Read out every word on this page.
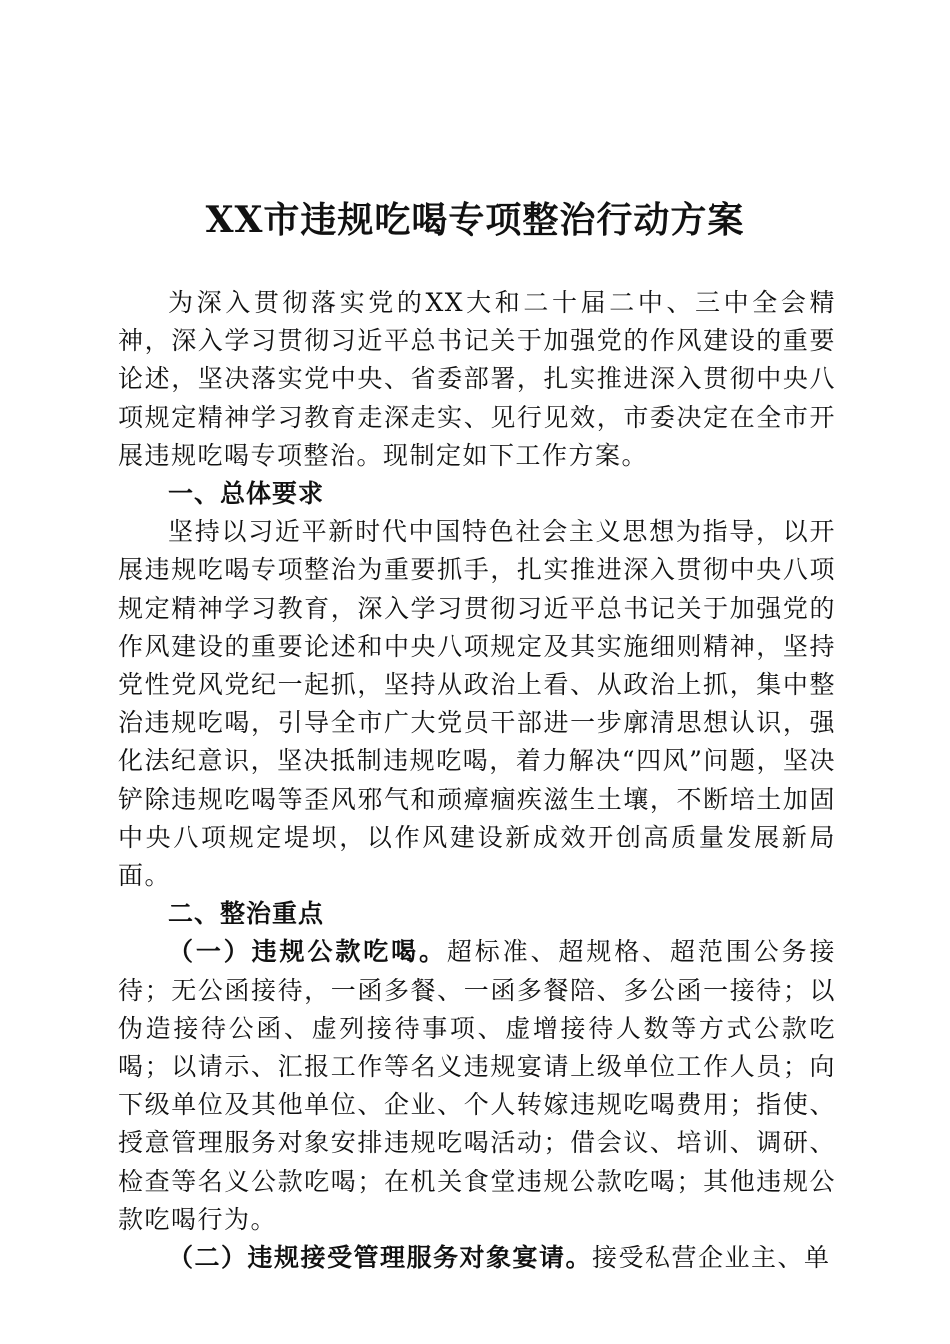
XX市违规吃喝专项整治行动方案

为深入贯彻落实党的XX大和二十届二中、三中全会精神，深入学习贯彻习近平总书记关于加强党的作风建设的重要论述，坚决落实党中央、省委部署，扎实推进深入贯彻中央八项规定精神学习教育走深走实、见行见效，市委决定在全市开展违规吃喝专项整治。现制定如下工作方案。

一、总体要求

坚持以习近平新时代中国特色社会主义思想为指导，以开展违规吃喝专项整治为重要抓手，扎实推进深入贯彻中央八项规定精神学习教育，深入学习贯彻习近平总书记关于加强党的作风建设的重要论述和中央八项规定及其实施细则精神，坚持党性党风党纪一起抓，坚持从政治上看、从政治上抓，集中整治违规吃喝，引导全市广大党员干部进一步廓清思想认识，强化法纪意识，坚决抵制违规吃喝，着力解决“四风”问题，坚决铲除违规吃喝等歪风邪气和顽瘴痼疾滋生土壤，不断培土加固中央八项规定堤坝，以作风建设新成效开创高质量发展新局面。

二、整治重点

（一）违规公款吃喝。超标准、超规格、超范围公务接待；无公函接待，一函多餐、一函多餐陪、多公函一接待；以伪造接待公函、虚列接待事项、虚增接待人数等方式公款吃喝；以请示、汇报工作等名义违规宴请上级单位工作人员；向下级单位及其他单位、企业、个人转嫁违规吃喝费用；指使、授意管理服务对象安排违规吃喝活动；借会议、培训、调研、检查等名义公款吃喝；在机关食堂违规公款吃喝；其他违规公款吃喝行为。

（二）违规接受管理服务对象宴请。接受私营企业主、单
